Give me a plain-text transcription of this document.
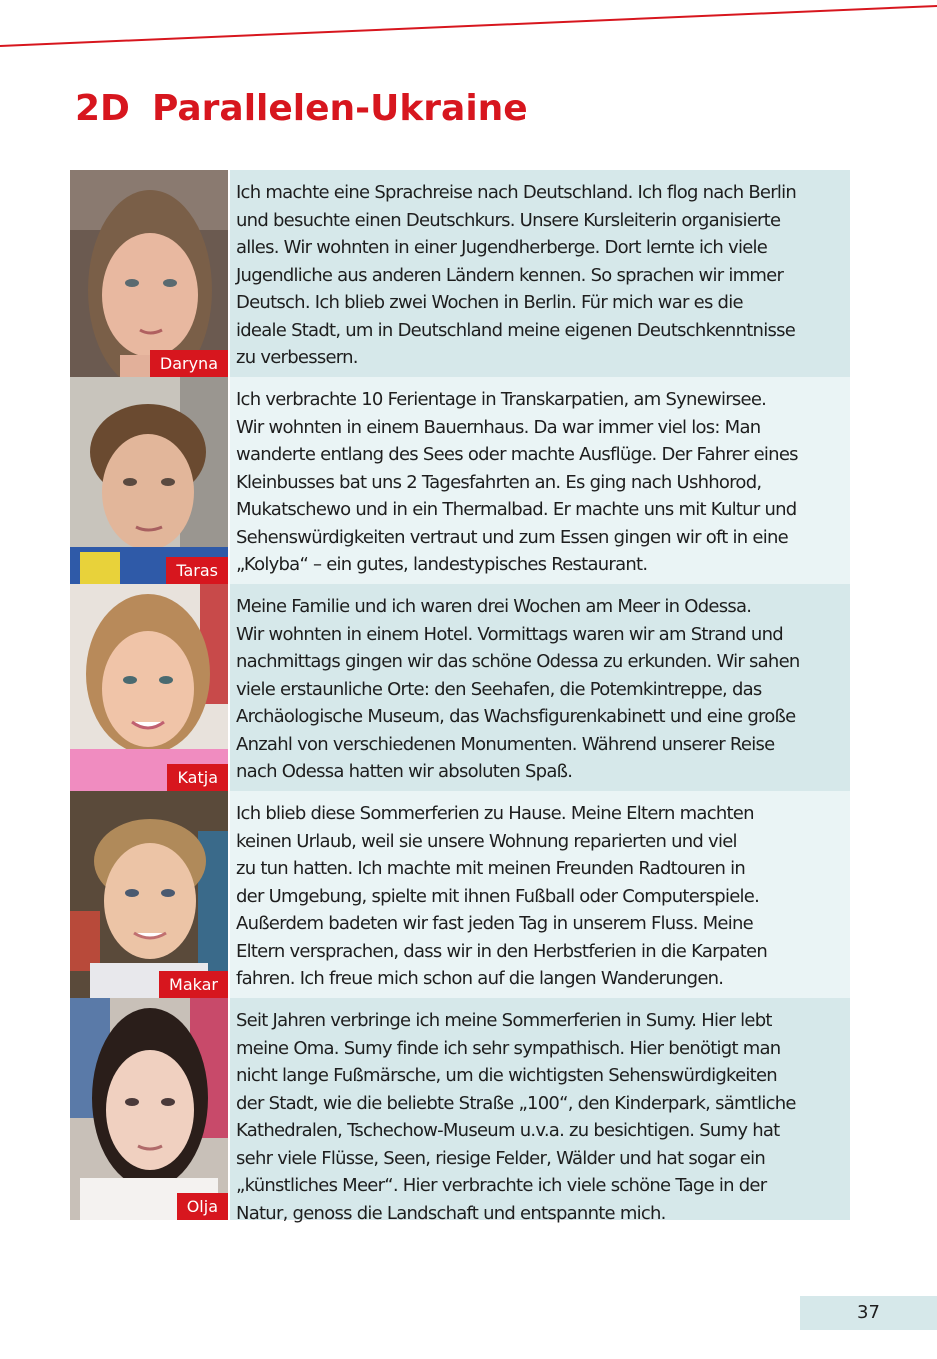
2D Parallelen-Ukraine
Daryna

Ich machte eine Sprachreise nach Deutschland. Ich flog nach Berlin

und besuchte einen Deutschkurs. Unsere Kursleiterin organisierte

alles. Wir wohnten in einer Jugendherberge. Dort lernte ich viele

Jugendliche aus anderen Ländern kennen. So sprachen wir immer

Deutsch. Ich blieb zwei Wochen in Berlin. Für mich war es die

ideale Stadt, um in Deutschland meine eigenen Deutschkenntnisse

zu verbessern.

Taras

Ich verbrachte 10 Ferientage in Transkarpatien, am Synewirsee.

Wir wohnten in einem Bauernhaus. Da war immer viel los: Man

wanderte entlang des Sees oder machte Ausflüge. Der Fahrer eines

Kleinbusses bat uns 2 Tagesfahrten an. Es ging nach Ushhorod,

Mukatschewo und in ein Thermalbad. Er machte uns mit Kultur und

Sehenswürdigkeiten vertraut und zum Essen gingen wir oft in eine

„Kolyba“ – ein gutes, landestypisches Restaurant.

Katja

Meine Familie und ich waren drei Wochen am Meer in Odessa.

Wir wohnten in einem Hotel. Vormittags waren wir am Strand und

nachmittags gingen wir das schöne Odessa zu erkunden. Wir sahen

viele erstaunliche Orte: den Seehafen, die Potemkintreppe, das

Archäologische Museum, das Wachsfigurenkabinett und eine große

Anzahl von verschiedenen Monumenten. Während unserer Reise

nach Odessa hatten wir absoluten Spaß.

Makar

Ich blieb diese Sommerferien zu Hause. Meine Eltern machten

keinen Urlaub, weil sie unsere Wohnung reparierten und viel

zu tun hatten. Ich machte mit meinen Freunden Radtouren in

der Umgebung, spielte mit ihnen Fußball oder Computerspiele.

Außerdem badeten wir fast jeden Tag in unserem Fluss. Meine

Eltern versprachen, dass wir in den Herbstferien in die Karpaten

fahren. Ich freue mich schon auf die langen Wanderungen.

Olja

Seit Jahren verbringe ich meine Sommerferien in Sumy. Hier lebt

meine Oma. Sumy finde ich sehr sympathisch. Hier benötigt man

nicht lange Fußmärsche, um die wichtigsten Sehenswürdigkeiten

der Stadt, wie die beliebte Straße „100“, den Kinderpark, sämtliche

Kathedralen, Tschechow-Museum u.v.a. zu besichtigen. Sumy hat

sehr viele Flüsse, Seen, riesige Felder, Wälder und hat sogar ein

„künstliches Meer“. Hier verbrachte ich viele schöne Tage in der

Natur, genoss die Landschaft und entspannte mich.

37
